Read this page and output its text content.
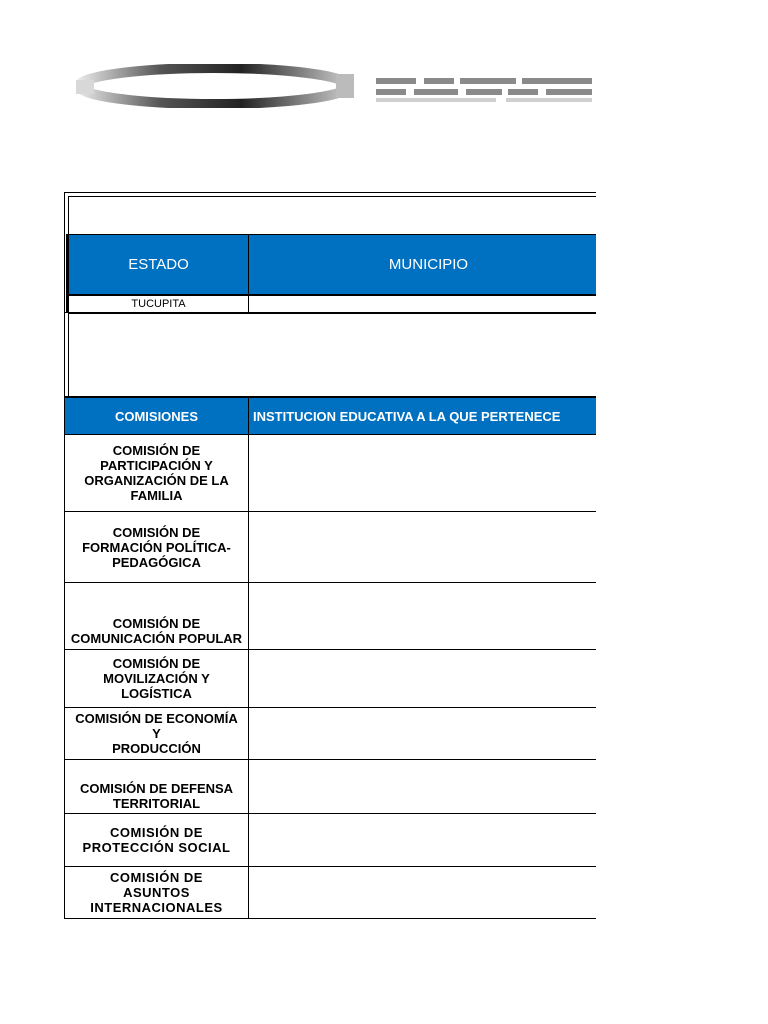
ESTADO	MUNICIPIO
TUCUPITA
COMISIONES	INSTITUCION EDUCATIVA A LA QUE PERTENECE
COMISIÓN DE
PARTICIPACIÓN Y
ORGANIZACIÓN DE LA
FAMILIA
COMISIÓN DE
FORMACIÓN POLÍTICA-
PEDAGÓGICA
COMISIÓN DE
COMUNICACIÓN POPULAR
COMISIÓN DE
MOVILIZACIÓN Y
LOGÍSTICA
COMISIÓN DE ECONOMÍA
Y
PRODUCCIÓN
COMISIÓN DE DEFENSA
TERRITORIAL
COMISIÓN DE
PROTECCIÓN SOCIAL
COMISIÓN DE
ASUNTOS
INTERNACIONALES
